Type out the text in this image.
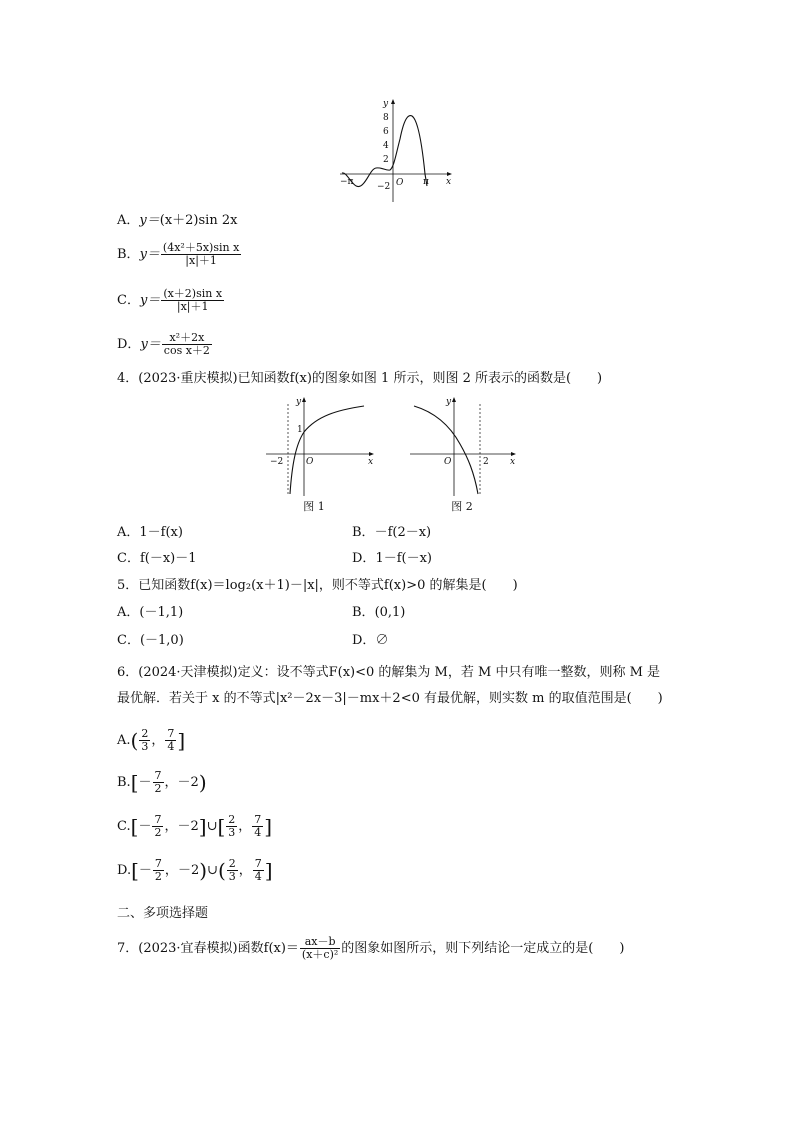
y
8
6
4
2
−2 O
−π	π x
A．y＝(x＋2)sin 2x
B．$y= \frac{\text{(4x²＋5x)sin x}}{|x|+1}$
C．$y= \frac{\text{(x＋2)sin x}}{|x|+1}$
D．$y= \frac{\text{x²＋2x}}{\text{cos x＋2}}$
4．(2023·重庆模拟)已知函数f(x)的图象如图 1 所示，则图 2 所表示的函数是(　　)
y
1
−2	O	x
图 1
y
O	2 x
图 2
A．1－f(x)	B．－f(2－x)
C．f(－x)－1	D．1－f(－x)
5．已知函数f(x)＝log₂(x＋1)－|x|，则不等式f(x)>0 的解集是(　　)
A．(－1,1)	B．(0,1)
C．(－1,0)	D．∅
6．(2024·天津模拟)定义：设不等式F(x)<0 的解集为 M，若 M 中只有唯一整数，则称 M 是
最优解．若关于 x 的不等式|x²－2x－3|－mx＋2<0 有最优解，则实数 m 的取值范围是(　　)
$A.( \frac{2}{3}$ ， $\frac{7}{4}$ ]
$B.[- \frac{7}{2}$ ，－2)
$C.[- \frac{7}{2}$ ，－2]∪[ $\frac{2}{3}$ ， $\frac{7}{4}$ ]
$D.[- \frac{7}{2}$ ，－2)∪( $\frac{2}{3}$ ， $\frac{7}{4}$ ]
二、多项选择题
7．(2023·宜春模拟)函数$f(x)= \frac{ax-b}{\text{(x＋c)²}}$ 的图象如图所示，则下列结论一定成立的是(　　)
